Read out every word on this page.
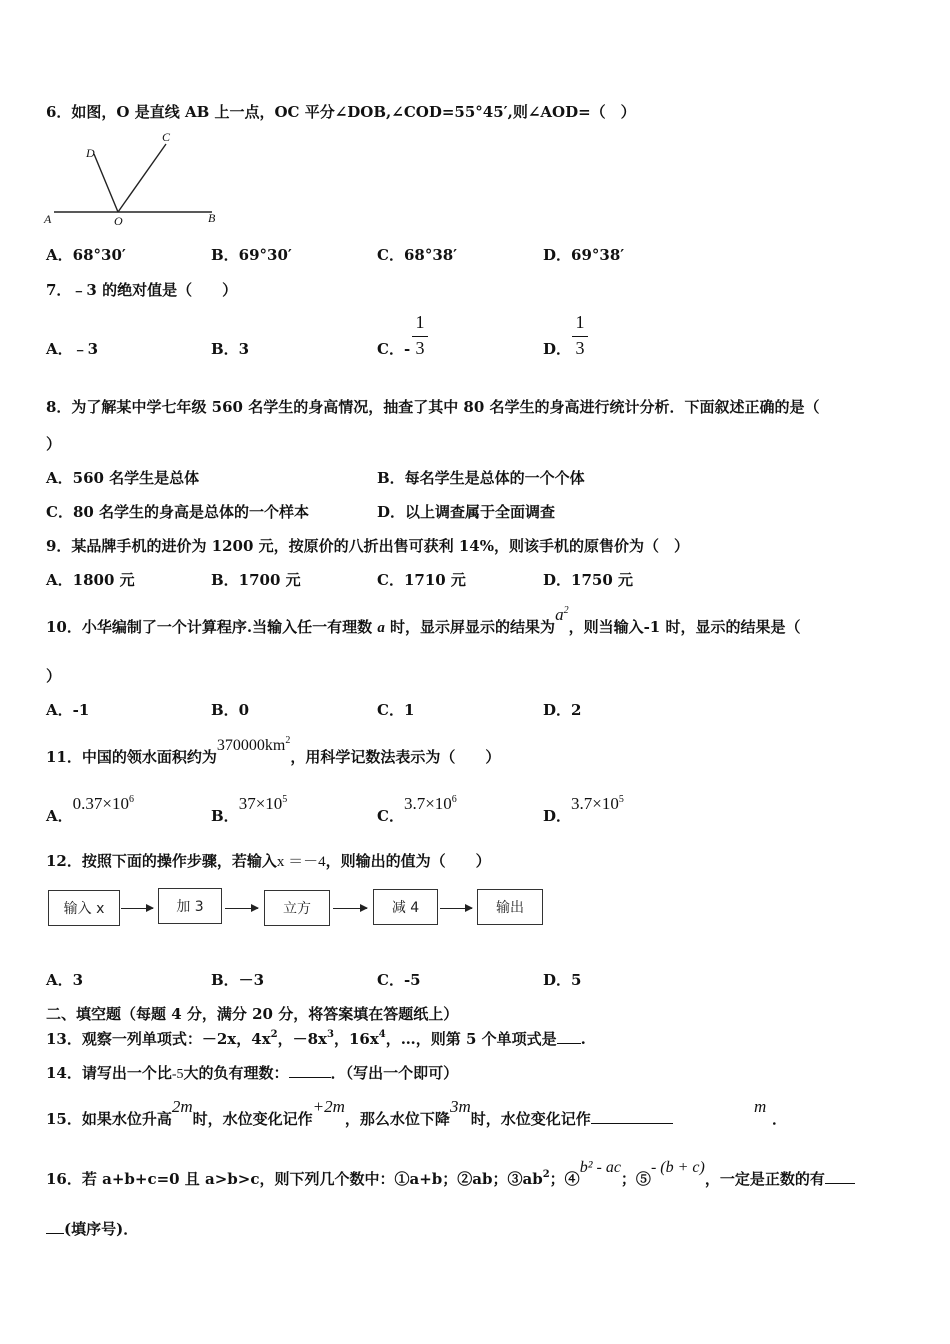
6．如图，O 是直线 AB 上一点，OC 平分∠DOB,∠COD=55°45′,则∠AOD=（　）
A	O	B
D
C
A．68°30′	B．69°30′	C．68°38′	D．69°38′
7．﹣3 的绝对值是（　　）
A．﹣3	B．3	C．-
1
3	D．
1
3
8．为了解某中学七年级 560 名学生的身高情况，抽查了其中 80 名学生的身高进行统计分析．下面叙述正确的是（
）
A．560 名学生是总体	B．每名学生是总体的一个个体
C．80 名学生的身高是总体的一个样本	D．以上调查属于全面调查
9．某品牌手机的进价为 1200 元，按原价的八折出售可获利 14%，则该手机的原售价为（　）
A．1800 元	B．1700 元	C．1710 元	D．1750 元
10．小华编制了一个计算程序.当输入任一有理数 a 时，显示屏显示的结果为$a^2$，则当输入-1 时，显示的结果是（
）
A．-1	B．0	C．1	D．2
11．中国的领水面积约为$370000km^2$，用科学记数法表示为（　　）
A．$0.37\times 10^6$
B．$37\times 10^5$
C．$3.7\times 10^6$
D．$3.7\times 10^5$
12．按照下面的操作步骤，若输入x ＝－4，则输出的值为（　　）
输入 x	加 3	立方	减 4	输出
A．3	B．－3	C．-5	D．5
二、填空题（每题 4 分，满分 20 分，将答案填在答题纸上）
13．观察一列单项式：－2x，$4x^2$，$-8x^3$，$16x^4$，…，则第 5 个单项式是 .
14．请写出一个比-5大的负有理数：	．（写出一个即可）
15．如果水位升高2m时，水位变化记作+2m，那么水位下降3m时，水位变化记作
m
．
16．若 a+b+c=0 且 a>b>c，则下列几个数中：①a+b；②ab；$③ab^2$；④b² - ac；⑤- (b + c)，一定是正数的有
(填序号)．
